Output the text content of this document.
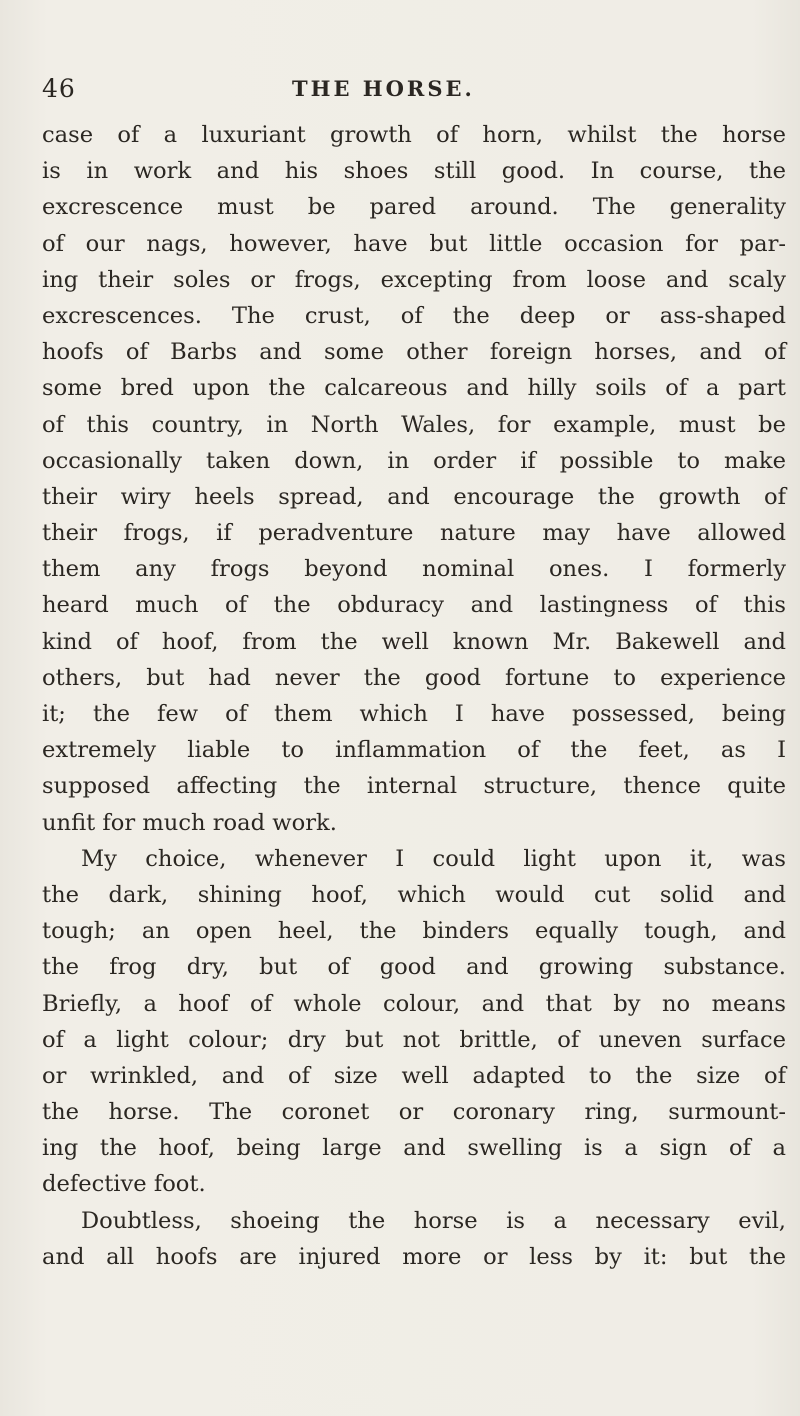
46	THE HORSE.
case of a luxuriant growth of horn, whilst the horse
is in work and his shoes still good. In course, the
excrescence must be pared around. The generality
of our nags, however, have but little occasion for par-
ing their soles or frogs, excepting from loose and scaly
excrescences. The crust, of the deep or ass-shaped
hoofs of Barbs and some other foreign horses, and of
some bred upon the calcareous and hilly soils of a part
of this country, in North Wales, for example, must be
occasionally taken down, in order if possible to make
their wiry heels spread, and encourage the growth of
their frogs, if peradventure nature may have allowed
them any frogs beyond nominal ones. I formerly
heard much of the obduracy and lastingness of this
kind of hoof, from the well known Mr. Bakewell and
others, but had never the good fortune to experience
it; the few of them which I have possessed, being
extremely liable to inflammation of the feet, as I
supposed affecting the internal structure, thence quite
unfit for much road work.
My choice, whenever I could light upon it, was
the dark, shining hoof, which would cut solid and
tough; an open heel, the binders equally tough, and
the frog dry, but of good and growing substance.
Briefly, a hoof of whole colour, and that by no means
of a light colour; dry but not brittle, of uneven surface
or wrinkled, and of size well adapted to the size of
the horse. The coronet or coronary ring, surmount-
ing the hoof, being large and swelling is a sign of a
defective foot.
Doubtless, shoeing the horse is a necessary evil,
and all hoofs are injured more or less by it: but the
